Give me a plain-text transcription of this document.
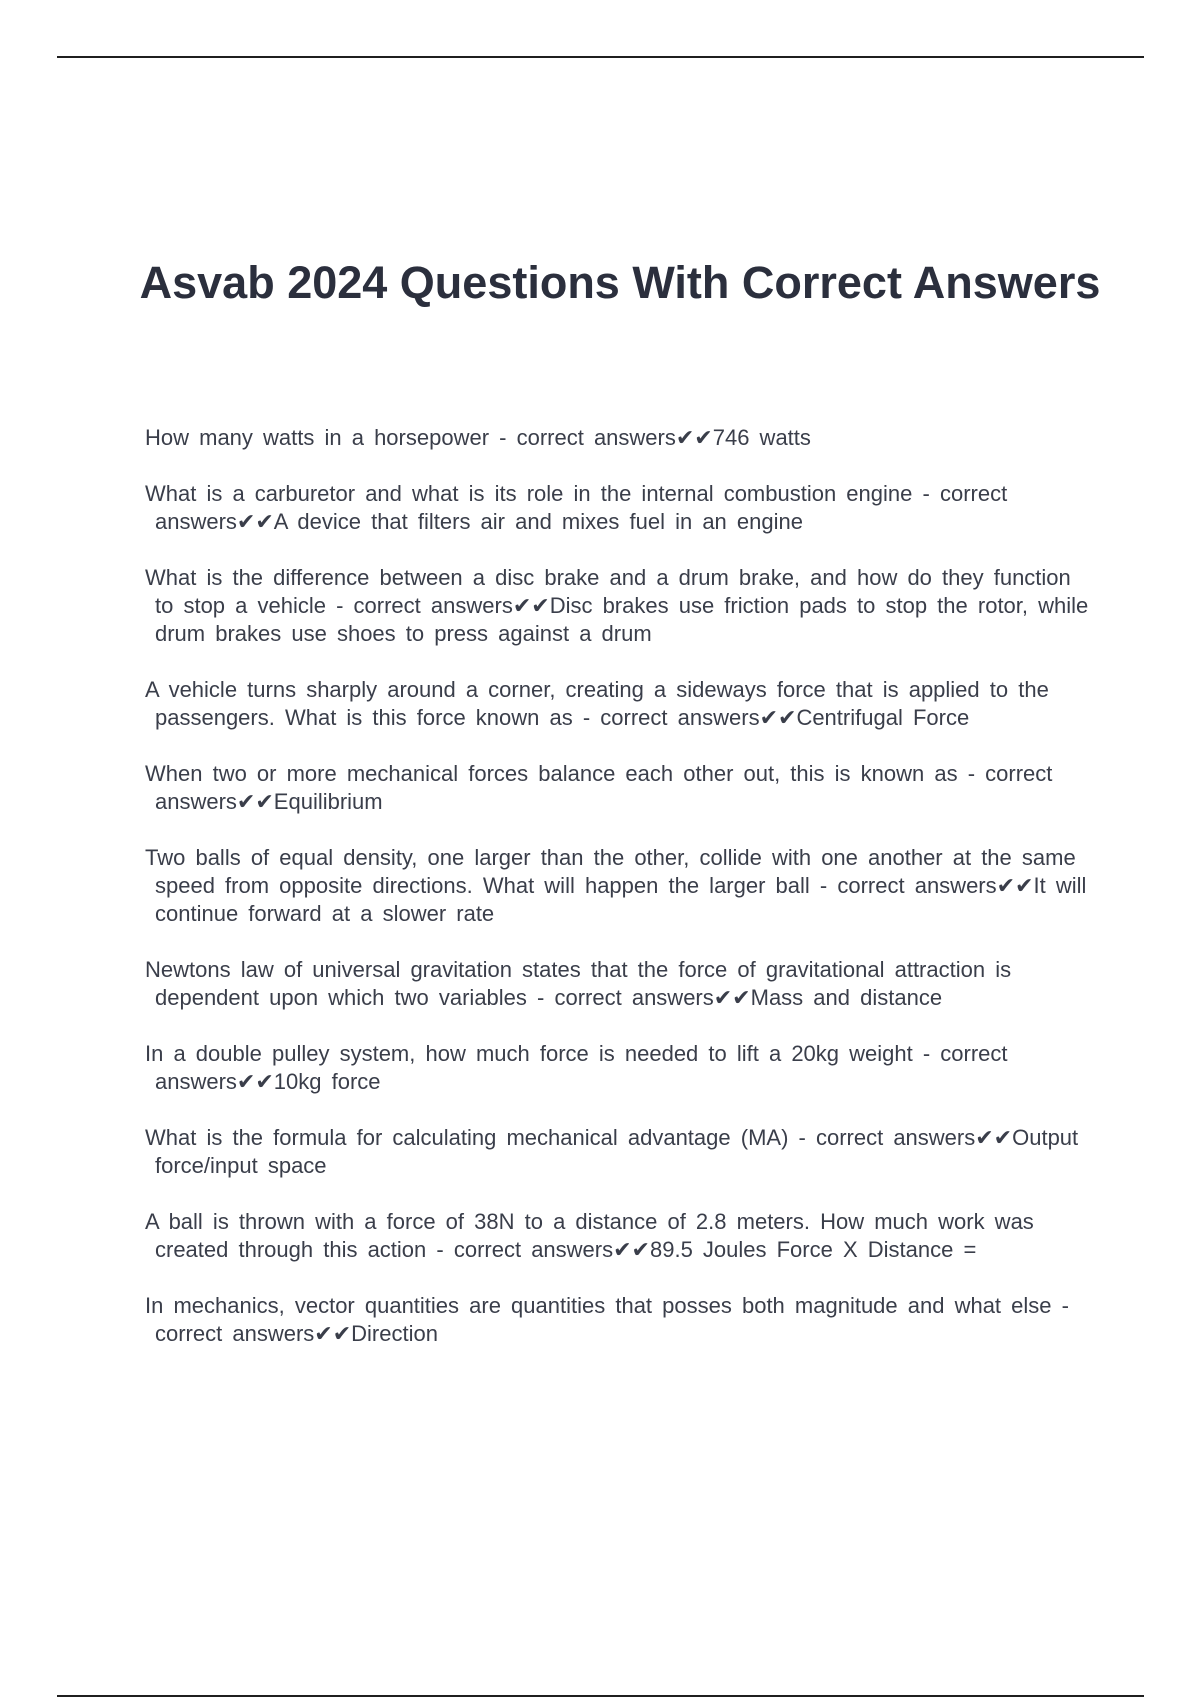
Asvab 2024 Questions With Correct Answers

How many watts in a horsepower - correct answers✔✔746 watts

What is a carburetor and what is its role in the internal combustion engine - correct answers✔✔A device that filters air and mixes fuel in an engine

What is the difference between a disc brake and a drum brake, and how do they function to stop a vehicle - correct answers✔✔Disc brakes use friction pads to stop the rotor, while drum brakes use shoes to press against a drum

A vehicle turns sharply around a corner, creating a sideways force that is applied to the passengers. What is this force known as - correct answers✔✔Centrifugal Force

When two or more mechanical forces balance each other out, this is known as - correct answers✔✔Equilibrium

Two balls of equal density, one larger than the other, collide with one another at the same speed from opposite directions. What will happen the larger ball - correct answers✔✔It will continue forward at a slower rate

Newtons law of universal gravitation states that the force of gravitational attraction is dependent upon which two variables - correct answers✔✔Mass and distance

In a double pulley system, how much force is needed to lift a 20kg weight - correct answers✔✔10kg force

What is the formula for calculating mechanical advantage (MA) - correct answers✔✔Output force/input space

A ball is thrown with a force of 38N to a distance of 2.8 meters. How much work was created through this action - correct answers✔✔89.5 Joules Force X Distance =

In mechanics, vector quantities are quantities that posses both magnitude and what else - correct answers✔✔Direction
